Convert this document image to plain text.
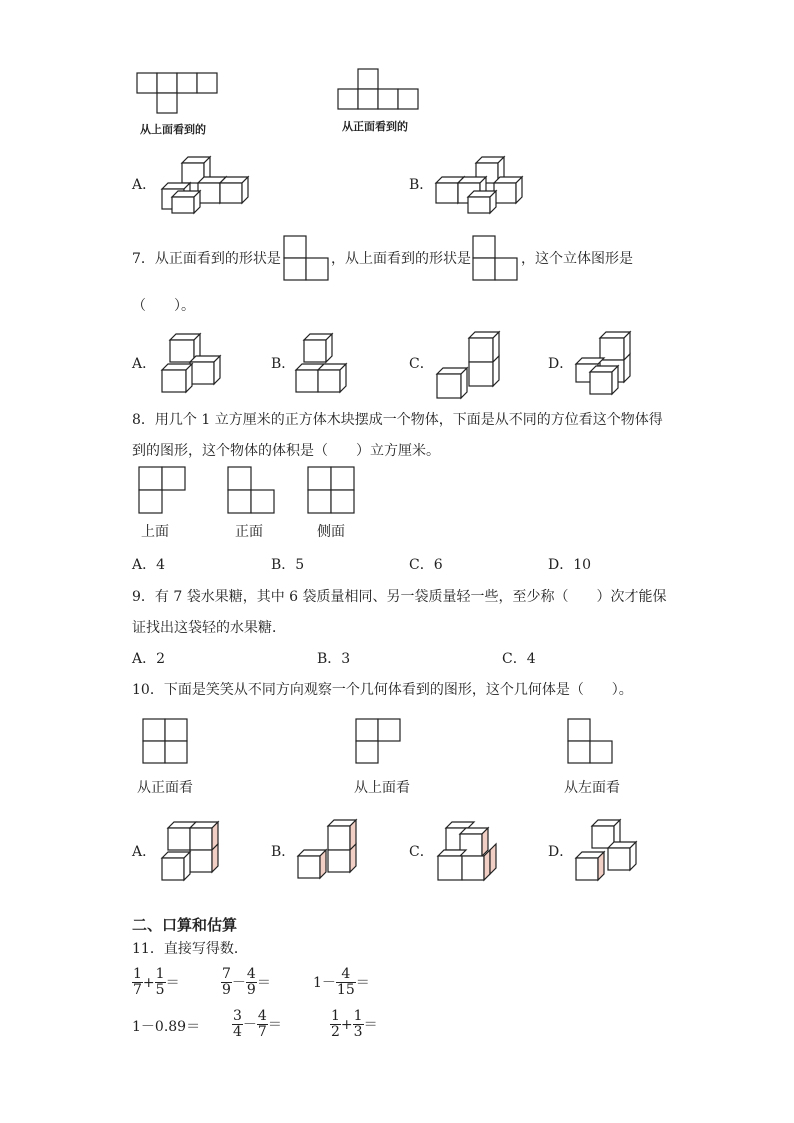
从上面看到的	从正面看到的
A．	B．
7．从正面看到的形状是	，从上面看到的形状是	，这个立体图形是
（　　）。
A．	B．	C．	D．
8．用几个 1 立方厘米的正方体木块摆成一个物体，下面是从不同的方位看这个物体得
到的图形，这个物体的体积是（　　）立方厘米。
上面	正面	侧面
A．4	B．5	C．6	D．10
9．有 7 袋水果糖，其中 6 袋质量相同、另一袋质量轻一些，至少称（　　）次才能保
证找出这袋轻的水果糖．
A．2	B．3	C．4
10．下面是笑笑从不同方向观察一个几何体看到的图形，这个几何体是（　　）。
从正面看	从上面看	从左面看
A．	B．	C．	D．
二、口算和估算
11．直接写得数．
$\frac{1}{7} + \frac{1}{5}$ ＝	$\frac{7}{9} - \frac{4}{9}$ ＝	$1- \frac{4}{15}$ ＝
$1-0.89= \frac{3}{4} - \frac{4}{7}$ ＝	$\frac{1}{2} + \frac{1}{3}$ ＝
